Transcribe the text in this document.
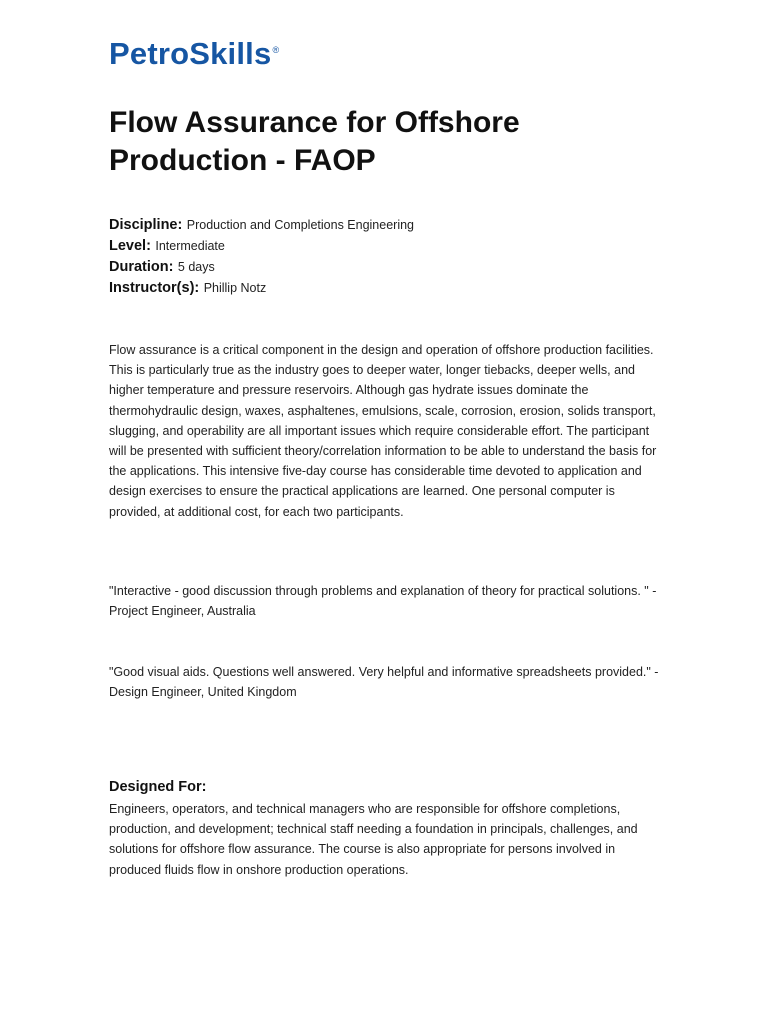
PetroSkills®
Flow Assurance for Offshore Production - FAOP
Discipline: Production and Completions Engineering
Level: Intermediate
Duration: 5 days
Instructor(s): Phillip Notz

Flow assurance is a critical component in the design and operation of offshore production facilities. This is particularly true as the industry goes to deeper water, longer tiebacks, deeper wells, and higher temperature and pressure reservoirs. Although gas hydrate issues dominate the thermohydraulic design, waxes, asphaltenes, emulsions, scale, corrosion, erosion, solids transport, slugging, and operability are all important issues which require considerable effort. The participant will be presented with sufficient theory/correlation information to be able to understand the basis for the applications. This intensive five-day course has considerable time devoted to application and design exercises to ensure the practical applications are learned. One personal computer is provided, at additional cost, for each two participants.

"Interactive - good discussion through problems and explanation of theory for practical solutions. " - Project Engineer, Australia

"Good visual aids. Questions well answered. Very helpful and informative spreadsheets provided." - Design Engineer, United Kingdom

Designed For:

Engineers, operators, and technical managers who are responsible for offshore completions, production, and development; technical staff needing a foundation in principals, challenges, and solutions for offshore flow assurance. The course is also appropriate for persons involved in produced fluids flow in onshore production operations.
